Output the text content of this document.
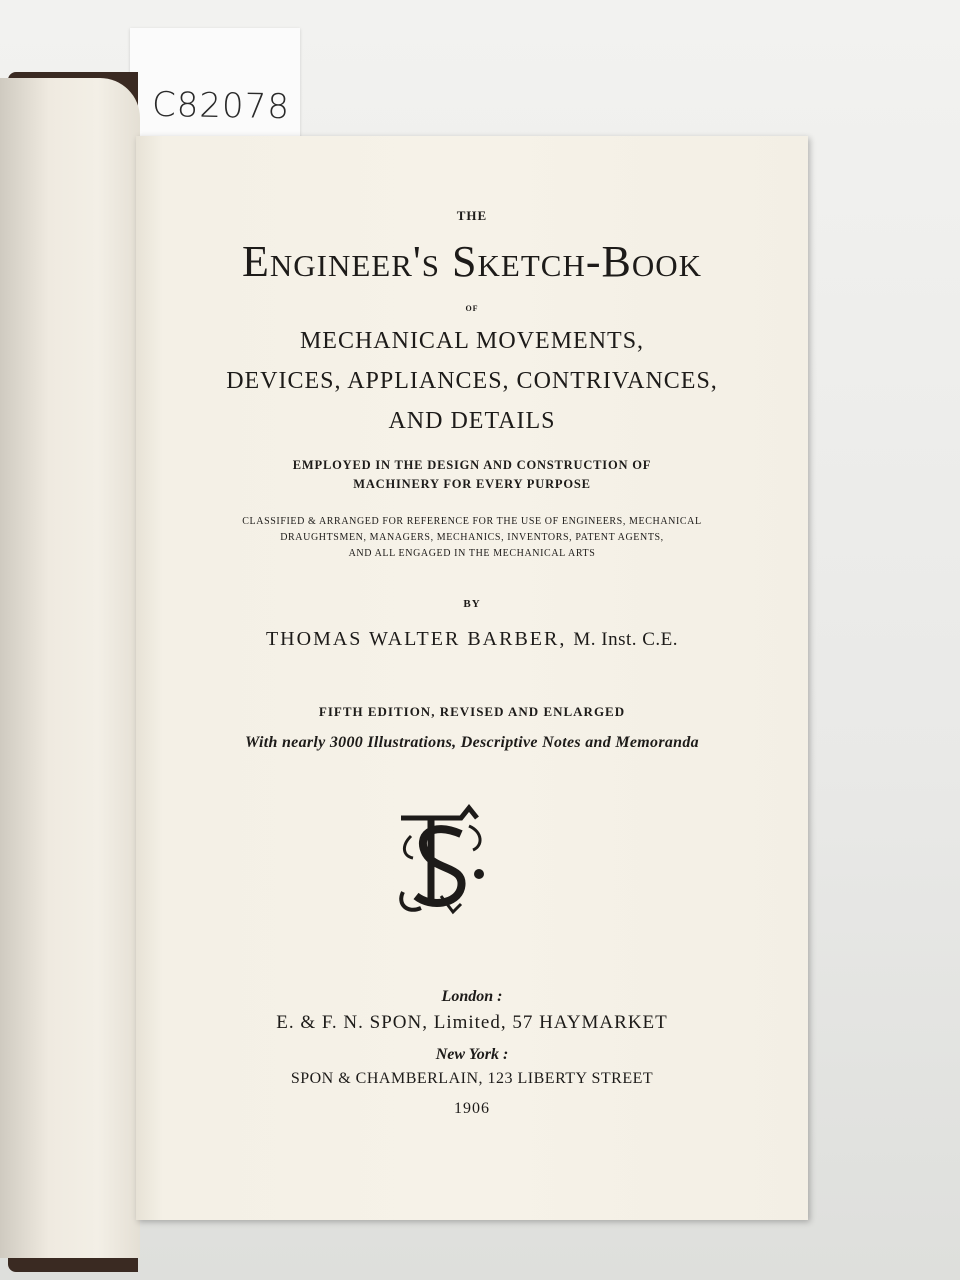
C82078
THE
Engineer's Sketch-Book
OF
MECHANICAL MOVEMENTS,
DEVICES, APPLIANCES, CONTRIVANCES,
AND DETAILS
EMPLOYED IN THE DESIGN AND CONSTRUCTION OF
MACHINERY FOR EVERY PURPOSE
CLASSIFIED & ARRANGED FOR REFERENCE FOR THE USE OF ENGINEERS, MECHANICAL
DRAUGHTSMEN, MANAGERS, MECHANICS, INVENTORS, PATENT AGENTS,
AND ALL ENGAGED IN THE MECHANICAL ARTS
BY
THOMAS WALTER BARBER, M. Inst. C.E.
FIFTH EDITION, REVISED AND ENLARGED
With nearly 3000 Illustrations, Descriptive Notes and Memoranda
London :
E. & F. N. SPON, Limited, 57 HAYMARKET
New York :
SPON & CHAMBERLAIN, 123 LIBERTY STREET
1906
